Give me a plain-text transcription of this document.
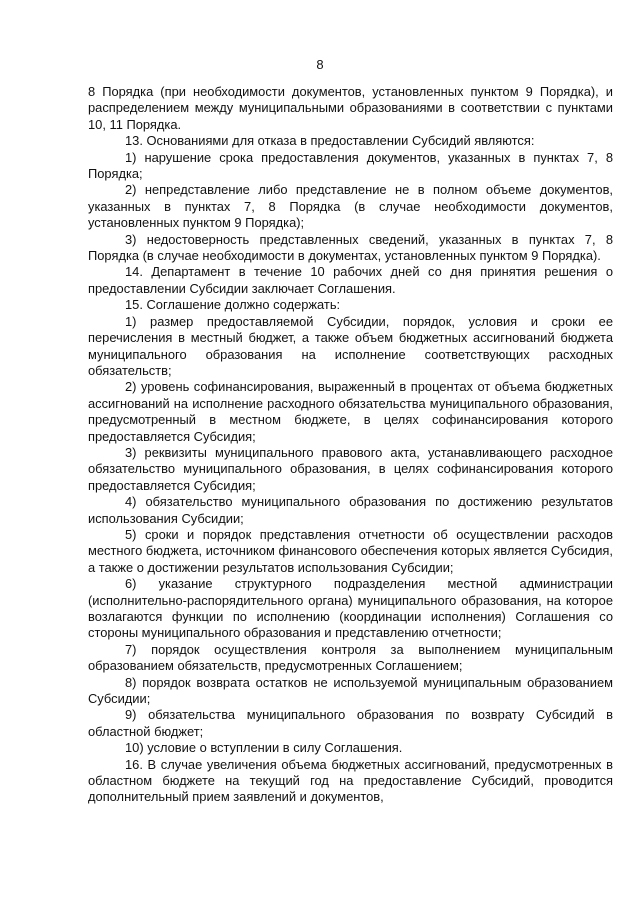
8

8 Порядка (при необходимости документов, установленных пунктом 9 Порядка), и распределением между муниципальными образованиями в соответствии с пунктами 10, 11 Порядка.

13. Основаниями для отказа в предоставлении Субсидий являются:

1) нарушение срока предоставления документов, указанных в пунктах 7, 8 Порядка;

2) непредставление либо представление не в полном объеме документов, указанных в пунктах 7, 8 Порядка (в случае необходимости документов, установленных пунктом 9 Порядка);

3) недостоверность представленных сведений, указанных в пунктах 7, 8 Порядка (в случае необходимости в документах, установленных пунктом 9 Порядка).

14. Департамент в течение 10 рабочих дней со дня принятия решения о предоставлении Субсидии заключает Соглашения.

15. Соглашение должно содержать:

1) размер предоставляемой Субсидии, порядок, условия и сроки ее перечисления в местный бюджет, а также объем бюджетных ассигнований бюджета муниципального образования на исполнение соответствующих расходных обязательств;

2) уровень софинансирования, выраженный в процентах от объема бюджетных ассигнований на исполнение расходного обязательства муниципального образования, предусмотренный в местном бюджете, в целях софинансирования которого предоставляется Субсидия;

3) реквизиты муниципального правового акта, устанавливающего расходное обязательство муниципального образования, в целях софинансирования которого предоставляется Субсидия;

4) обязательство муниципального образования по достижению результатов использования Субсидии;

5) сроки и порядок представления отчетности об осуществлении расходов местного бюджета, источником финансового обеспечения которых является Субсидия, а также о достижении результатов использования Субсидии;

6) указание структурного подразделения местной администрации (исполнительно-распорядительного органа) муниципального образования, на которое возлагаются функции по исполнению (координации исполнения) Соглашения со стороны муниципального образования и представлению отчетности;

7) порядок осуществления контроля за выполнением муниципальным образованием обязательств, предусмотренных Соглашением;

8) порядок возврата остатков не используемой муниципальным образованием Субсидии;

9) обязательства муниципального образования по возврату Субсидий в областной бюджет;

10) условие о вступлении в силу Соглашения.

16. В случае увеличения объема бюджетных ассигнований, предусмотренных в областном бюджете на текущий год на предоставление Субсидий, проводится дополнительный прием заявлений и документов,
